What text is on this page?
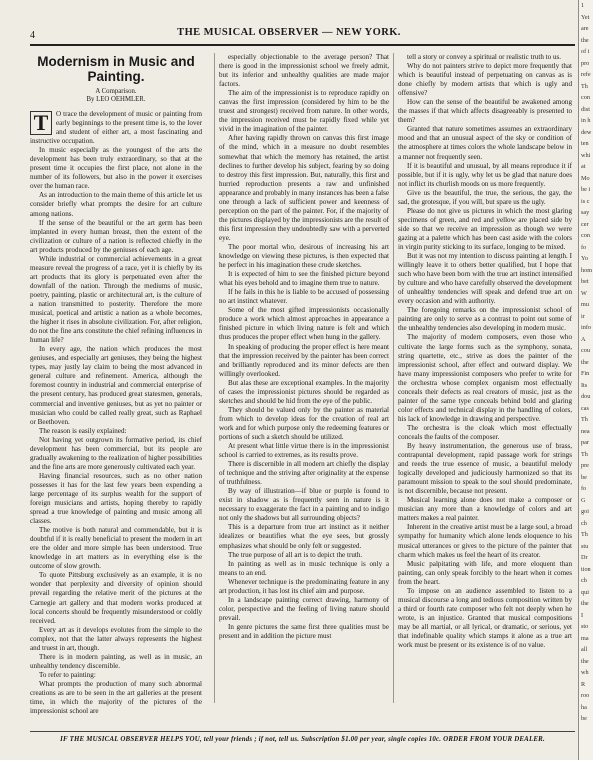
4	THE MUSICAL OBSERVER — NEW YORK.
Modernism in Music and Painting.
A Comparison.
By LEO OEHMLER.

T	O trace the development of music or painting from early beginnings to the present time is, to the lover and student of either art, a most fascinating and instructive occupation.

In music especially as the youngest of the arts the development has been truly extraordinary, so that at the present time it occupies the first place, not alone in the number of its followers, but also in the power it exercises over the human race.

As an introduction to the main theme of this article let us consider briefly what prompts the desire for art culture among nations.

If the sense of the beautiful or the art germ has been implanted in every human breast, then the extent of the civilization or culture of a nation is reflected chiefly in the art products produced by the geniuses of each age.

While industrial or commercial achievements in a great measure reveal the progress of a race, yet it is chiefly by its art products that its glory is perpetuated even after the downfall of the nation. Through the mediums of music, poetry, painting, plastic or architectural art, is the culture of a nation transmitted to posterity. Therefore the more musical, poetical and artistic a nation as a whole becomes, the higher it rises in absolute civilization. For, after religion, do not the fine arts constitute the chief refining influences in human life?

In every age, the nation which produces the most geniuses, and especially art geniuses, they being the highest types, may justly lay claim to being the most advanced in general culture and refinement. America, although the foremost country in industrial and commercial enterprise of the present century, has produced great statesmen, generals, commercial and inventive geniuses, but as yet no painter or musician who could be called really great, such as Raphael or Beethoven.

The reason is easily explained:

Not having yet outgrown its formative period, its chief development has been commercial, but its people are gradually awakening to the realization of higher possibilities and the fine arts are more generously cultivated each year.

Having financial resources, such as no other nation possesses it has for the last few years been expending a large percentage of its surplus wealth for the support of foreign musicians and artists, hoping thereby to rapidly spread a true knowledge of painting and music among all classes.

The motive is both natural and commendable, but it is doubtful if it is really beneficial to present the modern in art ere the older and more simple has been understood. True knowledge in art matters as in everything else is the outcome of slow growth.

To quote Pittsburg exclusively as an example, it is no wonder that perplexity and diversity of opinion should prevail regarding the relative merit of the pictures at the Carnegie art gallery and that modern works produced at local concerts should be frequently misunderstood or coldly received.

Every art as it develops evolutes from the simple to the complex, not that the latter always represents the highest and truest in art, though.

There is in modern painting, as well as in music, an unhealthy tendency discernible.

To refer to painting:

What prompts the production of many such abnormal creations as are to be seen in the art galleries at the present time, in which the majority of the pictures of the impressionist school are

especially objectionable to the average person? That there is good in the impressionist school we freely admit, but its inferior and unhealthy qualities are made major factors.

The aim of the impressionist is to reproduce rapidly on canvas the first impression (considered by him to be the truest and strongest) received from nature. In other words, the impression received must be rapidly fixed while yet vivid in the imagination of the painter.

After having rapidly thrown on canvas this first image of the mind, which in a measure no doubt resembles somewhat that which the memory has retained, the artist declines to further develop his subject, fearing by so doing to destroy this first impression. But, naturally, this first and hurried reproduction presents a raw and unfinished appearance and probably in many instances has been a false one through a lack of sufficient power and keenness of perception on the part of the painter. For, if the majority of the pictures displayed by the impressionists are the result of this first impression they undoubtedly saw with a perverted eye.

The poor mortal who, desirous of increasing his art knowledge on viewing these pictures, is then expected that he perfect in his imagination these crude sketches.

It is expected of him to see the finished picture beyond what his eyes behold and to imagine them true to nature.

If he fails in this he is liable to be accused of possessing no art instinct whatever.

Some of the most gifted impressionists occasionally produce a work which almost approaches in appearance a finished picture in which living nature is felt and which thus produces the proper effect when hung in the gallery.

In speaking of producing the proper effect is here meant that the impression received by the painter has been correct and brilliantly reproduced and its minor defects are then willingly overlooked.

But alas these are exceptional examples. In the majority of cases the impressionist pictures should be regarded as sketches and should be hid from the eye of the public.

They should be valued only by the painter as material from which to develop ideas for the creation of real art work and for which purpose only the redeeming features or portions of such a sketch should be utilized.

At present what little virtue there is in the impressionist school is carried to extremes, as its results prove.

There is discernible in all modern art chiefly the display of technique and the striving after originality at the expense of truthfulness.

By way of illustration—if blue or purple is found to exist in shadow as is frequently seen in nature is it necessary to exaggerate the fact in a painting and to indigo not only the shadows but all surrounding objects?

This is a departure from true art instinct as it neither idealizes or beautifies what the eye sees, but grossly emphasizes what should be only felt or suggested.

The true purpose of all art is to depict the truth.

In painting as well as in music technique is only a means to an end.

Whenever technique is the predominating feature in any art production, it has lost its chief aim and purpose.

In a landscape painting correct drawing, harmony of color, perspective and the feeling of living nature should prevail.

In genre pictures the same first three qualities must be present and in addition the picture must

tell a story or convey a spiritual or realistic truth to us.

Why do not painters strive to depict more frequently that which is beautiful instead of perpetuating on canvas as is done chiefly by modern artists that which is ugly and offensive?

How can the sense of the beautiful be awakened among the masses if that which affects disagreeably is presented to them?

Granted that nature sometimes assumes an extraordinary mood and that an unusual aspect of the sky or condition of the atmosphere at times colors the whole landscape below in a manner not frequently seen.

If it is beautiful and unusual, by all means reproduce it if possible, but if it is ugly, why let us be glad that nature does not inflict its churlish moods on us more frequently.

Give us the beautiful, the true, the serious, the gay, the sad, the grotesque, if you will, but spare us the ugly.

Please do not give us pictures in which the most glaring specimens of green, and red and yellow are placed side by side so that we receive an impression as though we were gazing at a palette which has been cast aside with the colors in virgin purity sticking to its surface, longing to be mixed.

But it was not my intention to discuss painting at length. I willingly leave it to others better qualified, but I hope that such who have been born with the true art instinct intensified by culture and who have carefully observed the development of unhealthy tendencies will speak and defend true art on every occasion and with authority.

The foregoing remarks on the impressionist school of painting are only to serve as a contrast to point out some of the unhealthy tendencies also developing in modern music.

The majority of modern composers, even those who cultivate the large forms such as the symphony, sonata, string quartette, etc., strive as does the painter of the impressionist school, after effect and outward display. We have many impressionist composers who prefer to write for the orchestra whose complex organism most effectually conceals their defects as real creators of music, just as the painter of the same type conceals behind bold and glaring color effects and technical display in the handling of colors, his lack of knowledge in drawing and perspective.

The orchestra is the cloak which most effectually conceals the faults of the composer.

By heavy instrumentation, the generous use of brass, contrapuntal development, rapid passage work for strings and reeds the true essence of music, a beautiful melody logically developed and judiciously harmonized so that its paramount mission to speak to the soul should predominate, is not discernible, because not present.

Musical learning alone does not make a composer or musician any more than a knowledge of colors and art matters makes a real painter.

Inherent in the creative artist must be a large soul, a broad sympathy for humanity which alone lends eloquence to his musical utterances or gives to the picture of the painter that charm which makes us feel the heart of its creator.

Music palpitating with life, and more eloquent than painting, can only speak forcibly to the heart when it comes from the heart.

To impose on an audience assembled to listen to a musical discourse a long and tedious composition written by a third or fourth rate composer who felt not deeply when he wrote, is an injustice. Granted that musical compositions may be all martial, or all lyrical, or dramatic, or serious, yet that indefinable quality which stamps it alone as a true art work must be present or its existence is of no value.

IF THE MUSICAL OBSERVER HELPS YOU, tell your friends ; if not, tell us. Subscription $1.00 per year, single copies 10c. ORDER FROM YOUR DEALER.
1
Yet
are
the
of i
pro
refe
Th
con
dist
in h
dew
ten
whi
at
Mo
be i
is c
say
cer
con
fo
Yo
hom
bet
W
mu
ir
info
A
cou
the
Fin
Its
dou
cas
Th
nea
par
Th
pre
be
fo
G
goi
ch
Th
stu
Dr
tion
ch
qui
the
I
sto
ma
all
the
wh
R
roo
ha
be
